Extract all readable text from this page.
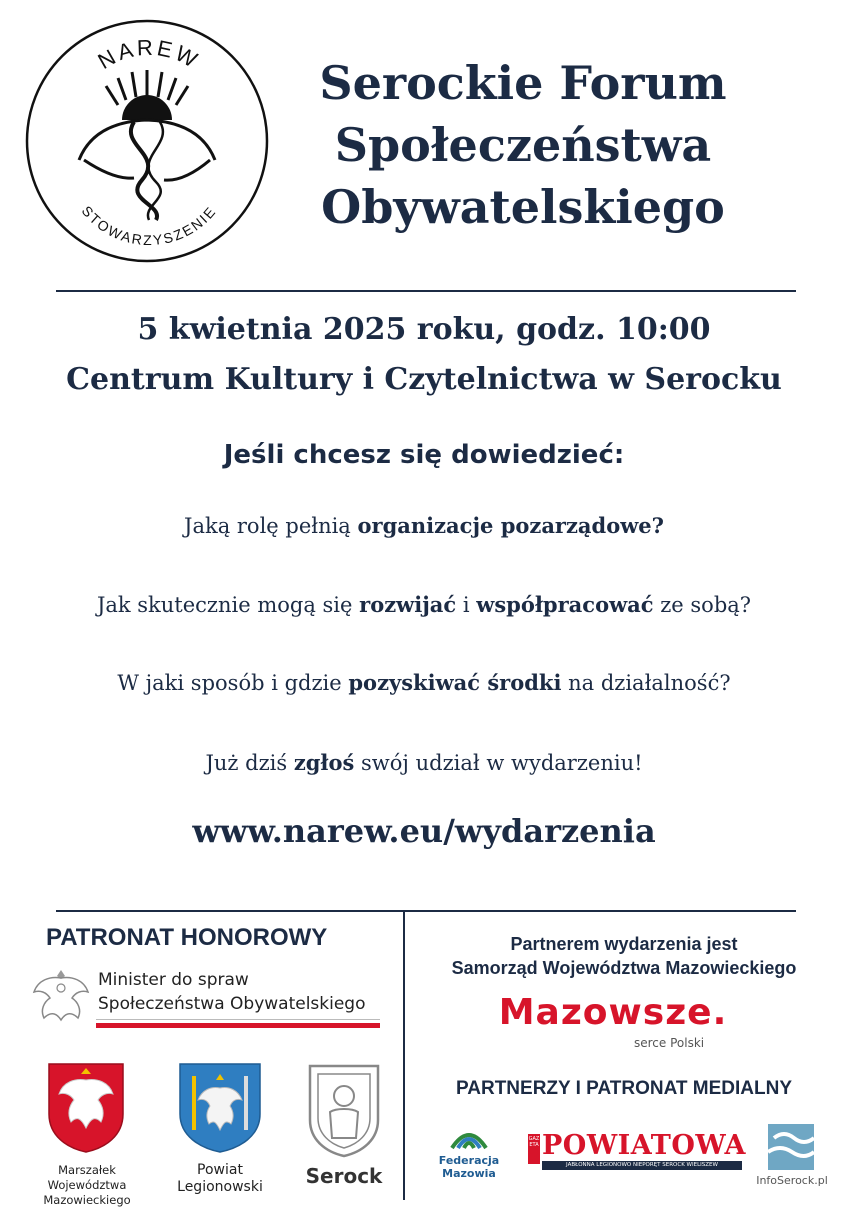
NAREW
STOWARZYSZENIE
Serockie Forum
Społeczeństwa
Obywatelskiego
5 kwietnia 2025 roku, godz. 10:00
Centrum Kultury i Czytelnictwa w Serocku
Jeśli chcesz się dowiedzieć:
Jaką rolę pełnią organizacje pozarządowe?
Jak skutecznie mogą się rozwijać i współpracować ze sobą?
W jaki sposób i gdzie pozyskiwać środki na działalność?
Już dziś zgłoś swój udział w wydarzeniu!
www.narew.eu/wydarzenia
PATRONAT HONOROWY
Minister do spraw
Społeczeństwa Obywatelskiego
Marszałek
Województwa Mazowieckiego
Powiat
Legionowski	Serock
Partnerem wydarzenia jest
Samorząd Województwa Mazowieckiego
Mazowsze.
serce Polski
PARTNERZY I PATRONAT MEDIALNY
Federacja
Mazowia
GAZETA POWIATOWA
JABŁONNA LEGIONOWO NIEPORĘT SEROCK WIELISZEW
InfoSerock.pl
